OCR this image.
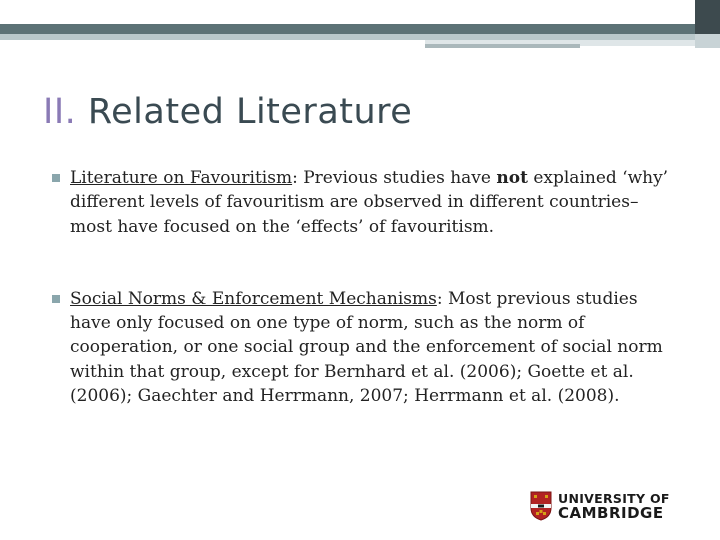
II. Related Literature
Literature on Favouritism: Previous studies have not explained ‘why’ different levels of favouritism are observed in different countries– most have focused on the ‘effects’ of favouritism.
Social Norms & Enforcement Mechanisms: Most previous studies have only focused on one type of norm, such as the norm of cooperation, or one social group and the enforcement of social norm within that group, except for Bernhard et al. (2006); Goette et al. (2006); Gaechter and Herrmann, 2007; Herrmann et al. (2008).
UNIVERSITY OF
CAMBRIDGE
